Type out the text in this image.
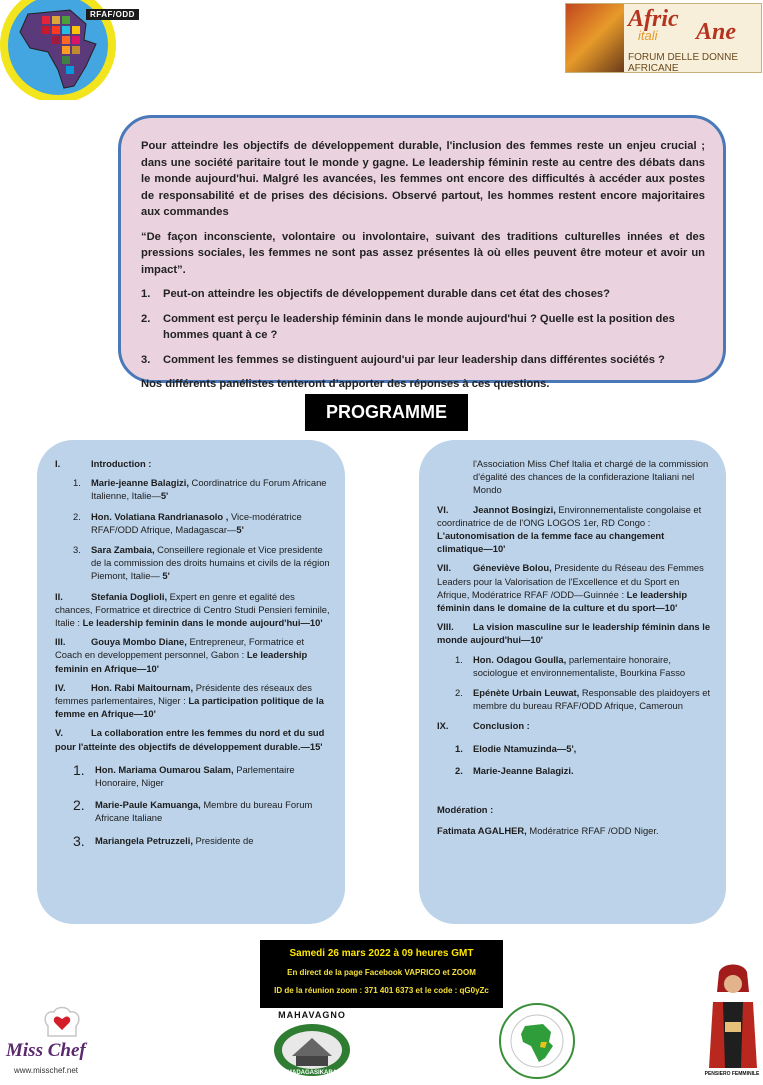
RFAF/ODD	Afric Ane
itali
FORUM DELLE DONNE AFRICANE

Pour atteindre les objectifs de développement durable, l'inclusion des femmes reste un enjeu crucial ; dans une société paritaire tout le monde y gagne. Le leadership féminin reste au centre des débats dans le monde aujourd'hui. Malgré les avancées, les femmes ont encore des difficultés à accéder aux postes de responsabilité et de prises des décisions. Observé partout, les hommes restent encore majoritaires aux commandes

“De façon inconsciente, volontaire ou involontaire, suivant des traditions culturelles innées et des pressions sociales, les femmes ne sont pas assez présentes là où elles peuvent être moteur et avoir un impact”.

1.	Peut-on atteindre les objectifs de développement durable dans cet état des choses?
2.	Comment est perçu le leadership féminin dans le monde aujourd'hui ? Quelle est la position des hommes quant à ce ?
3.	Comment les femmes se distinguent aujourd'ui par leur leadership dans différentes sociétés ?

Nos différents panélistes tenteront d’apporter des réponses à ces questions.

PROGRAMME
I.	Introduction :
1.	Marie-jeanne Balagizi, Coordinatrice du Forum Africane Italienne, Italie—5'
2.	Hon. Volatiana Randrianasolo , Vice-modératrice RFAF/ODD Afrique, Madagascar—5'
3.	Sara Zambaia, Conseillere regionale et Vice presidente de la commission des droits humains et civils de la région Piemont, Italie— 5'
II.	Stefania Doglioli, Expert en genre et egalité des chances, Formatrice et directrice di Centro Studi Pensieri feminile, Italie : Le leadership feminin dans le monde aujourd'hui—10'
III.	Gouya Mombo Diane, Entrepreneur, Formatrice et Coach en developpement personnel, Gabon : Le leadership feminin en Afrique—10'
IV.	Hon. Rabi Maitournam, Présidente des réseaux des femmes parlementaires, Niger : La participation politique de la femme en Afrique—10'
V.	La collaboration entre les femmes du nord et du sud pour l'atteinte des objectifs de développement durable.—15'
1.	Hon. Mariama Oumarou Salam, Parlementaire Honoraire, Niger
2.	Marie-Paule Kamuanga, Membre du bureau Forum Africane Italiane
3.	Mariangela Petruzzeli, Presidente de
l'Association Miss Chef Italia et chargé de la commission d'égalité des chances de la confiderazione Italiani nel Mondo
VI.	Jeannot Bosingizi, Environnementaliste congolaise et coordinatrice de de l'ONG LOGOS 1er, RD Congo : L'autonomisation de la femme face au changement climatique—10'
VII. Géneviève Bolou, Presidente du Réseau des Femmes Leaders pour la Valorisation de l'Excellence et du Sport en Afrique, Modératrice RFAF /ODD—Guinnée : Le leadership féminin dans le domaine de la culture et du sport—10'
VIII. La vision masculine sur le leadership féminin dans le monde aujourd'hui—10'
1.	Hon. Odagou Goulla, parlementaire honoraire, sociologue et environnementaliste, Bourkina Fasso
2.	Epénète Urbain Leuwat, Responsable des plaidoyers et membre du bureau RFAF/ODD Afrique, Cameroun
IX.	Conclusion :
1.	Elodie Ntamuzinda—5',
2.	Marie-Jeanne Balagizi.
Modération :
Fatimata AGALHER, Modératrice RFAF /ODD Niger.
Samedi 26 mars 2022 à 09 heures GMT
En direct de la page Facebook VAPRICO et ZOOM
ID de la réunion zoom : 371 401 6373 et le code : qG0yZc
Miss Chef
www.misschef.net
MAHAVAGNO
MADAGASIKARA	PENSIERO FEMMINILE
